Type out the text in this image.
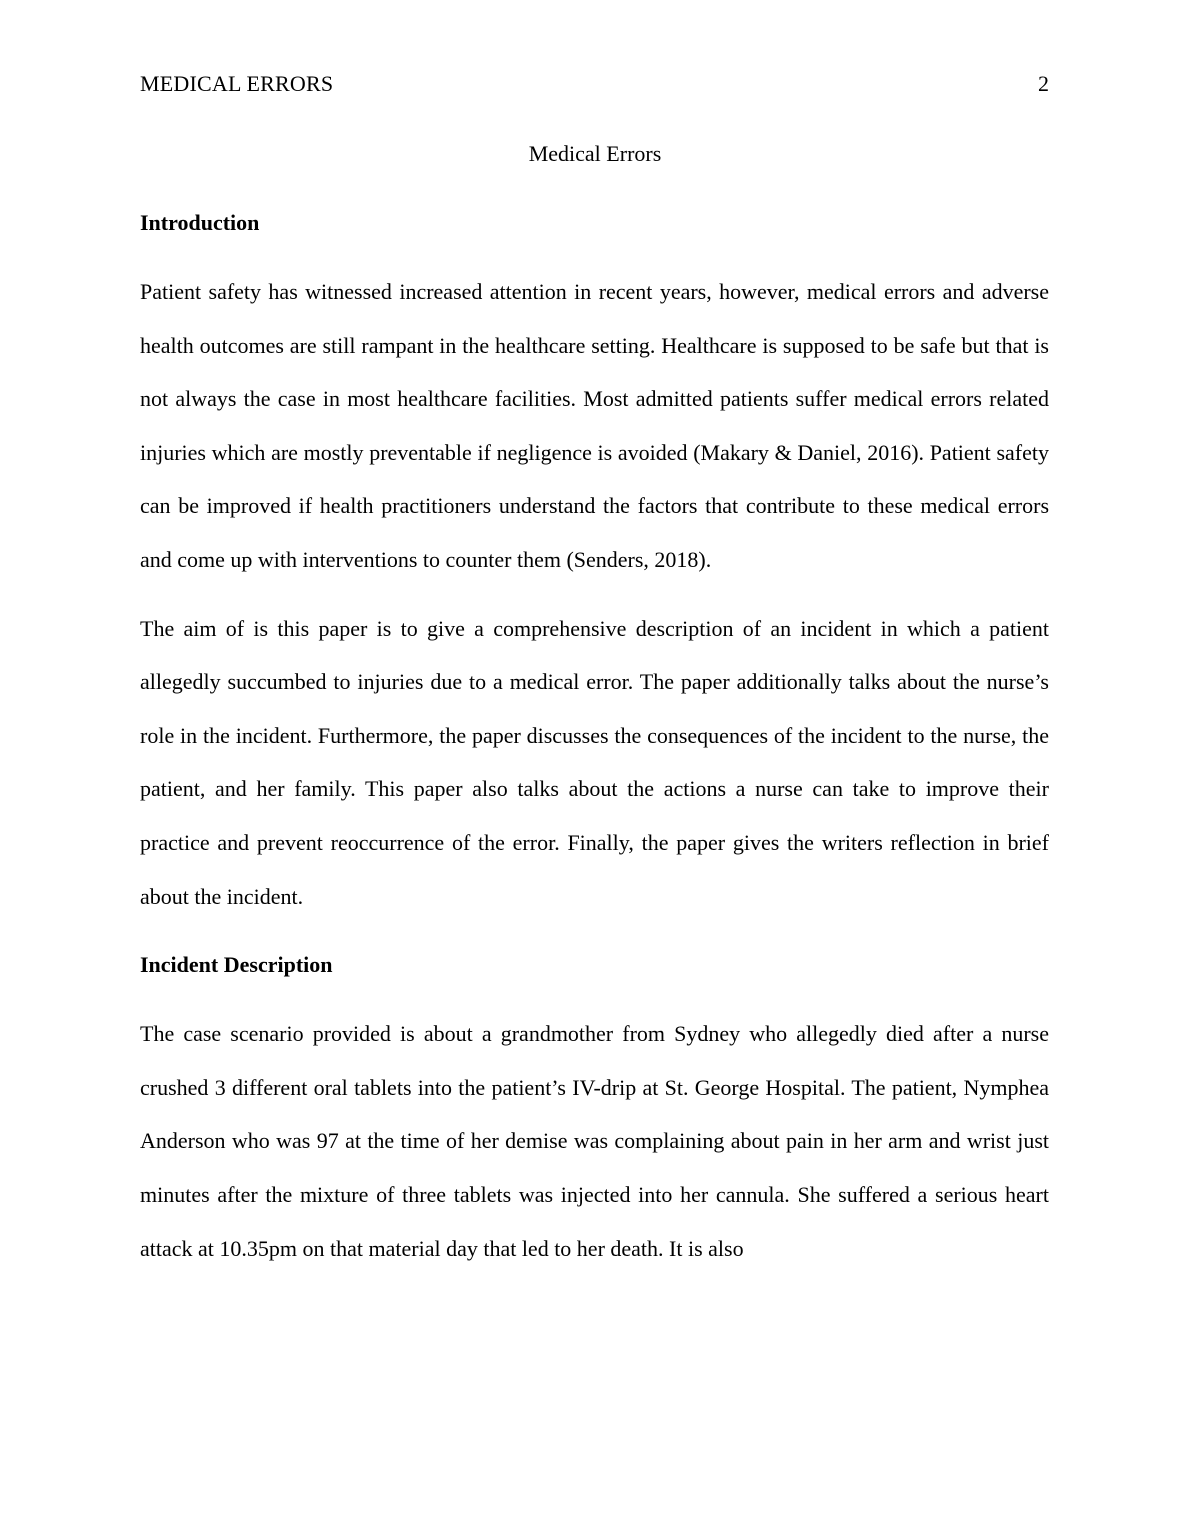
MEDICAL ERRORS	2
Medical Errors
Introduction

Patient safety has witnessed increased attention in recent years, however, medical errors and adverse health outcomes are still rampant in the healthcare setting. Healthcare is supposed to be safe but that is not always the case in most healthcare facilities. Most admitted patients suffer medical errors related injuries which are mostly preventable if negligence is avoided (Makary & Daniel, 2016). Patient safety can be improved if health practitioners understand the factors that contribute to these medical errors and come up with interventions to counter them (Senders, 2018).

The aim of is this paper is to give a comprehensive description of an incident in which a patient allegedly succumbed to injuries due to a medical error. The paper additionally talks about the nurse’s role in the incident. Furthermore, the paper discusses the consequences of the incident to the nurse, the patient, and her family. This paper also talks about the actions a nurse can take to improve their practice and prevent reoccurrence of the error. Finally, the paper gives the writers reflection in brief about the incident.

Incident Description

The case scenario provided is about a grandmother from Sydney who allegedly died after a nurse crushed 3 different oral tablets into the patient’s IV-drip at St. George Hospital. The patient, Nymphea Anderson who was 97 at the time of her demise was complaining about pain in her arm and wrist just minutes after the mixture of three tablets was injected into her cannula. She suffered a serious heart attack at 10.35pm on that material day that led to her death. It is also
